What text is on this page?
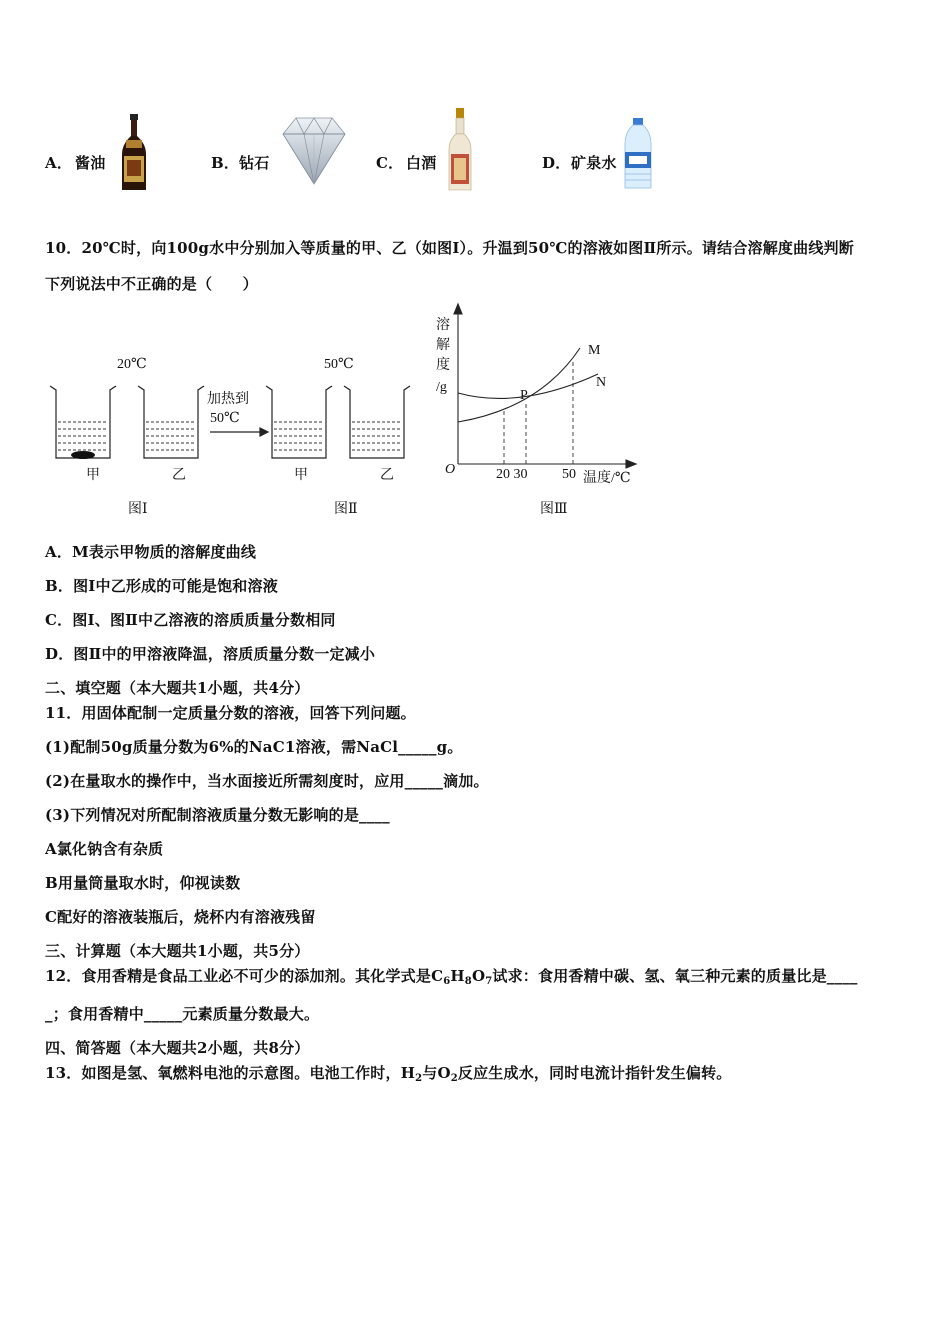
A． 酱油	B． 钻石	C． 白酒	D． 矿泉水
10．20℃时，向100g水中分别加入等质量的甲、乙（如图Ⅰ）。升温到50℃的溶液如图Ⅱ所示。请结合溶解度曲线判断
下列说法中不正确的是（　　）
20℃	50℃
加热到
50℃
甲	乙	甲	乙
图Ⅰ	图Ⅱ
溶
解
度
/g
O	20 30 50 温度/℃
M
N
P
图Ⅲ
A．M表示甲物质的溶解度曲线
B．图Ⅰ中乙形成的可能是饱和溶液
C．图Ⅰ、图Ⅱ中乙溶液的溶质质量分数相同
D．图Ⅱ中的甲溶液降温，溶质质量分数一定减小
二、填空题（本大题共1小题，共4分）
11．用固体配制一定质量分数的溶液，回答下列问题。
(1)配制50g质量分数为6%的NaC1溶液，需NaCl_____g。
(2)在量取水的操作中，当水面接近所需刻度时，应用_____滴加。
(3)下列情况对所配制溶液质量分数无影响的是____
A氯化钠含有杂质
B用量筒量取水时，仰视读数
C配好的溶液装瓶后，烧杯内有溶液残留
三、计算题（本大题共1小题，共5分）
12．食用香精是食品工业必不可少的添加剂。其化学式是$C_6H_8O_7$试求：食用香精中碳、氢、氧三种元素的质量比是____
_；食用香精中_____元素质量分数最大。
四、简答题（本大题共2小题，共8分）
13．如图是氢、氧燃料电池的示意图。电池工作时，$H_2$与$O_2$反应生成水，同时电流计指针发生偏转。
